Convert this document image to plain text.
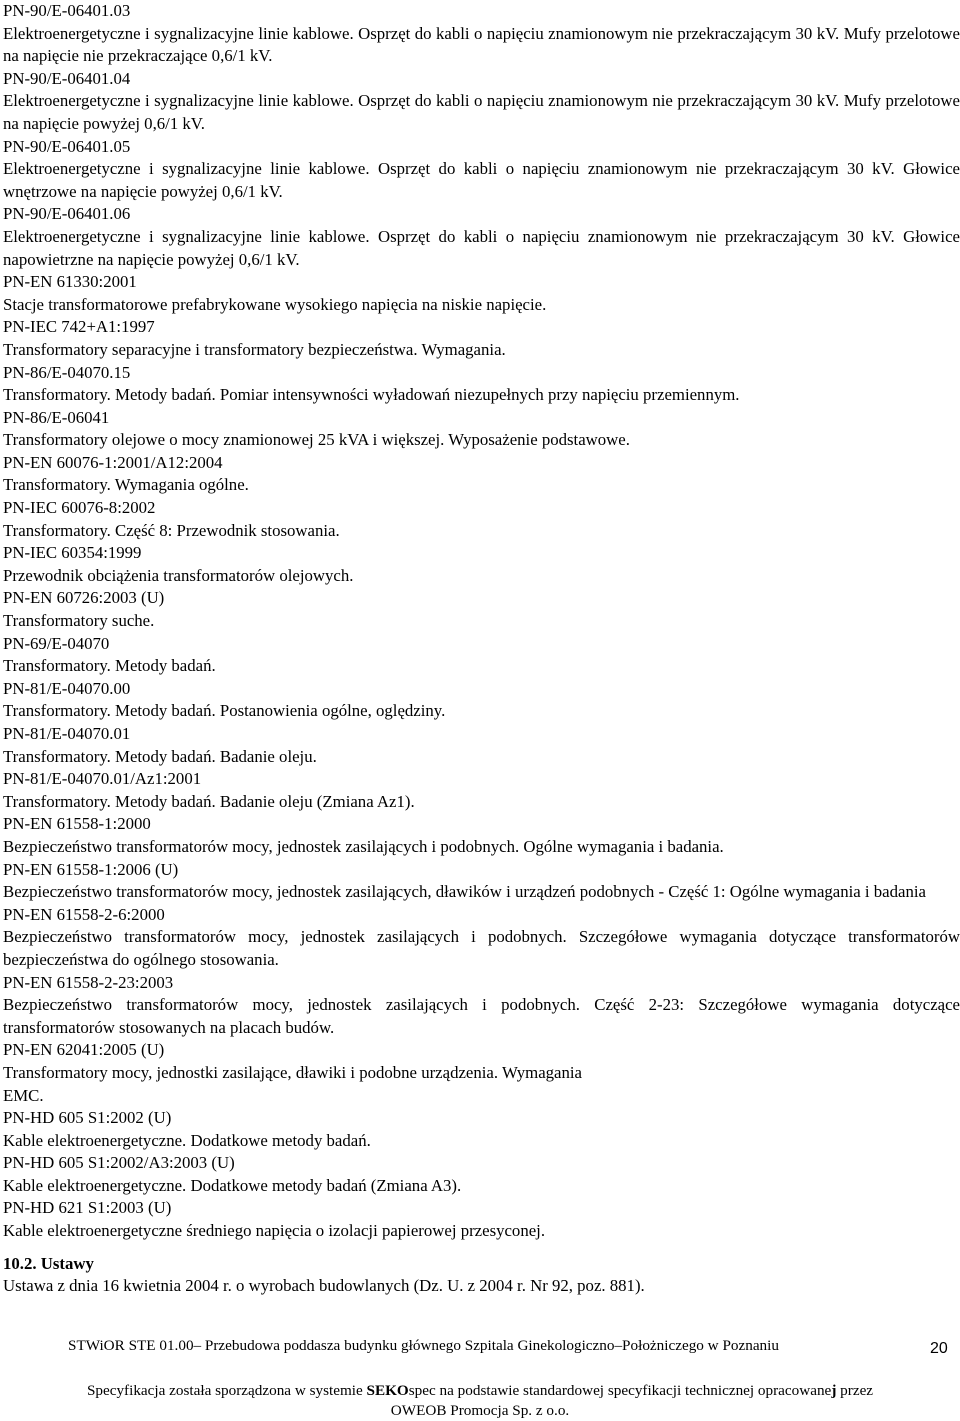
PN-90/E-06401.03
Elektroenergetyczne i sygnalizacyjne linie kablowe. Osprzęt do kabli o napięciu znamionowym nie przekraczającym 30 kV. Mufy przelotowe na napięcie nie przekraczające 0,6/1 kV.
PN-90/E-06401.04
Elektroenergetyczne i sygnalizacyjne linie kablowe. Osprzęt do kabli o napięciu znamionowym nie przekraczającym 30 kV. Mufy przelotowe na napięcie powyżej 0,6/1 kV.
PN-90/E-06401.05
Elektroenergetyczne i sygnalizacyjne linie kablowe. Osprzęt do kabli o napięciu znamionowym nie przekraczającym 30 kV. Głowice wnętrzowe na napięcie powyżej 0,6/1 kV.
PN-90/E-06401.06
Elektroenergetyczne i sygnalizacyjne linie kablowe. Osprzęt do kabli o napięciu znamionowym nie przekraczającym 30 kV. Głowice napowietrzne na napięcie powyżej 0,6/1 kV.
PN-EN 61330:2001
Stacje transformatorowe prefabrykowane wysokiego napięcia na niskie napięcie.
PN-IEC 742+A1:1997
Transformatory separacyjne i transformatory bezpieczeństwa. Wymagania.
PN-86/E-04070.15
Transformatory. Metody badań. Pomiar intensywności wyładowań niezupełnych przy napięciu przemiennym.
PN-86/E-06041
Transformatory olejowe o mocy znamionowej 25 kVA i większej. Wyposażenie podstawowe.
PN-EN 60076-1:2001/A12:2004
Transformatory. Wymagania ogólne.
PN-IEC 60076-8:2002
Transformatory. Część 8: Przewodnik stosowania.
PN-IEC 60354:1999
Przewodnik obciążenia transformatorów olejowych.
PN-EN 60726:2003 (U)
Transformatory suche.
PN-69/E-04070
Transformatory. Metody badań.
PN-81/E-04070.00
Transformatory. Metody badań. Postanowienia ogólne, oględziny.
PN-81/E-04070.01
Transformatory. Metody badań. Badanie oleju.
PN-81/E-04070.01/Az1:2001
Transformatory. Metody badań. Badanie oleju (Zmiana Az1).
PN-EN 61558-1:2000
Bezpieczeństwo transformatorów mocy, jednostek zasilających i podobnych. Ogólne wymagania i badania.
PN-EN 61558-1:2006 (U)
Bezpieczeństwo transformatorów mocy, jednostek zasilających, dławików i urządzeń podobnych - Część 1: Ogólne wymagania i badania
PN-EN 61558-2-6:2000
Bezpieczeństwo transformatorów mocy, jednostek zasilających i podobnych. Szczegółowe wymagania dotyczące transformatorów bezpieczeństwa do ogólnego stosowania.
PN-EN 61558-2-23:2003
Bezpieczeństwo transformatorów mocy, jednostek zasilających i podobnych. Część 2-23: Szczegółowe wymagania dotyczące transformatorów stosowanych na placach budów.
PN-EN 62041:2005 (U)
Transformatory mocy, jednostki zasilające, dławiki i podobne urządzenia. Wymagania
EMC.
PN-HD 605 S1:2002 (U)
Kable elektroenergetyczne. Dodatkowe metody badań.
PN-HD 605 S1:2002/A3:2003 (U)
Kable elektroenergetyczne. Dodatkowe metody badań (Zmiana A3).
PN-HD 621 S1:2003 (U)
Kable elektroenergetyczne średniego napięcia o izolacji papierowej przesyconej.
10.2. Ustawy
Ustawa z dnia 16 kwietnia 2004 r. o wyrobach budowlanych (Dz. U. z 2004 r. Nr 92, poz. 881).
STWiOR STE 01.00– Przebudowa poddasza budynku głównego Szpitala Ginekologiczno–Położniczego w Poznaniu	20
Specyfikacja została sporządzona w systemie SEKOspec na podstawie standardowej specyfikacji technicznej opracowanej przez
OWEOB Promocja Sp. z o.o.
